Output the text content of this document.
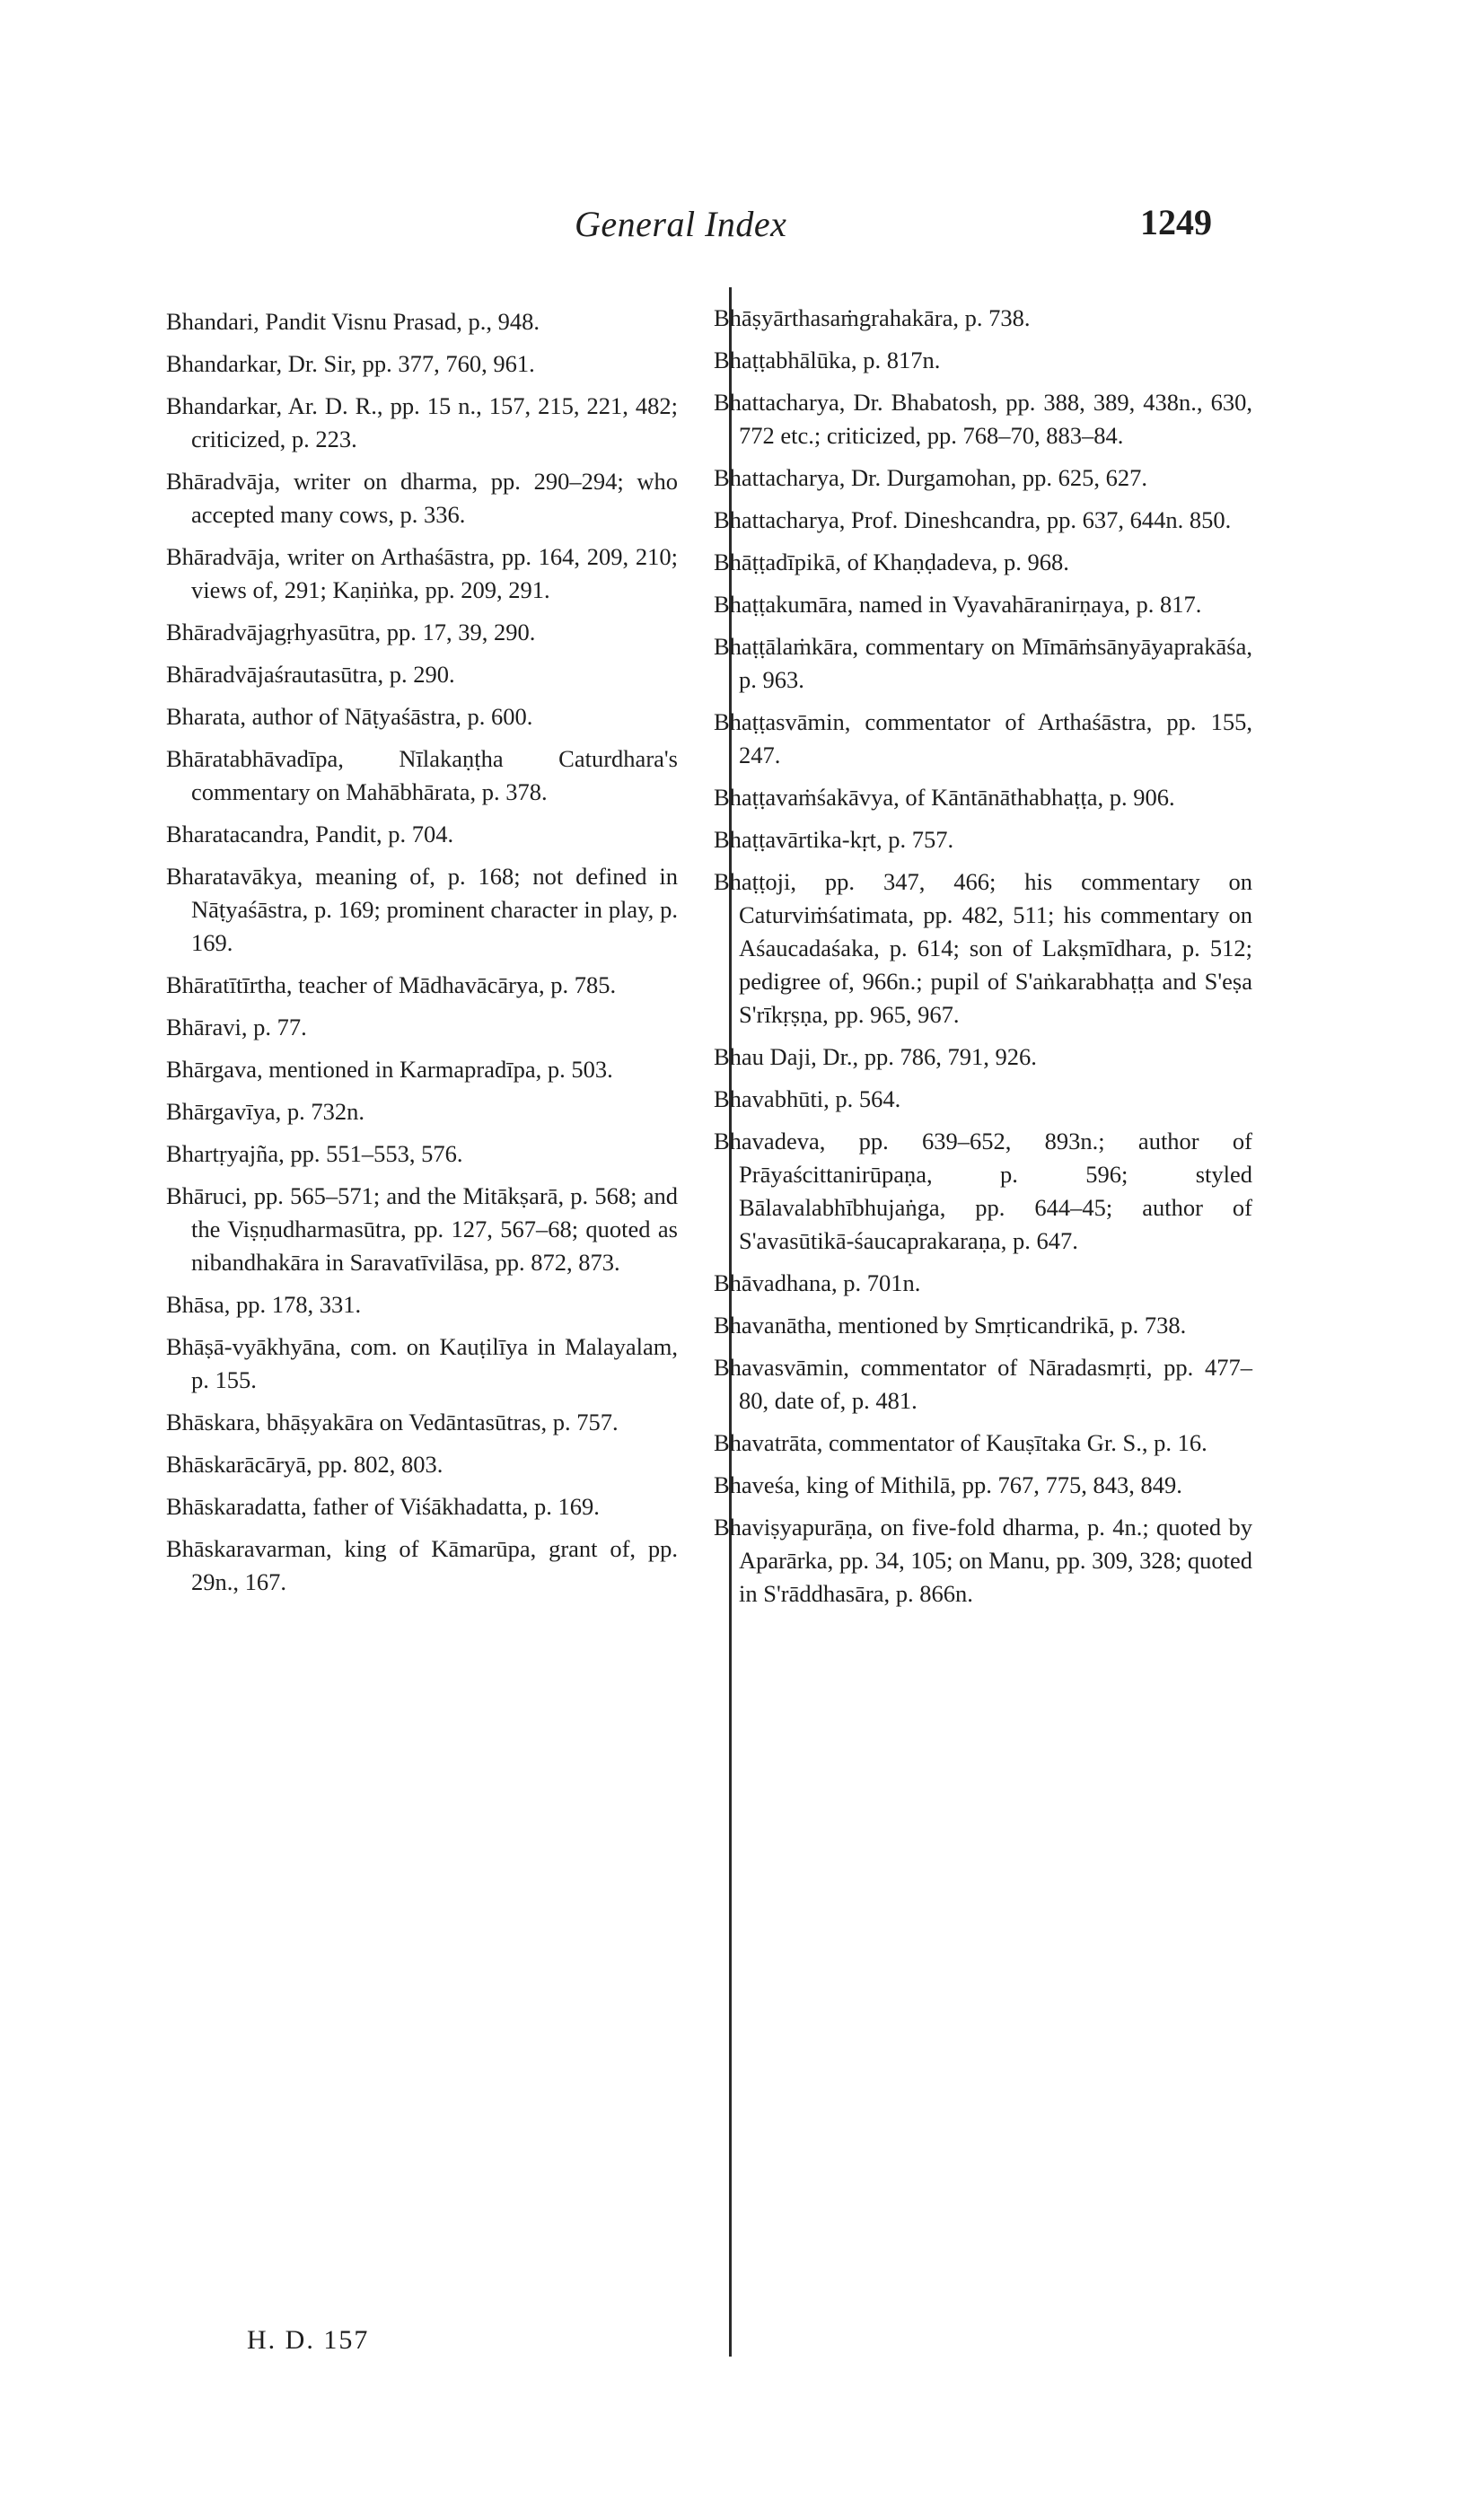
General Index	1249

Bhandari, Pandit Visnu Prasad, p., 948.

Bhandarkar, Dr. Sir, pp. 377, 760, 961.

Bhandarkar, Ar. D. R., pp. 15 n., 157, 215, 221, 482; criticized, p. 223.

Bhāradvāja, writer on dharma, pp. 290–294; who accepted many cows, p. 336.

Bhāradvāja, writer on Arthaśāstra, pp. 164, 209, 210; views of, 291; Kaṇiṅka, pp. 209, 291.

Bhāradvājagṛhyasūtra, pp. 17, 39, 290.

Bhāradvājaśrautasūtra, p. 290.

Bharata, author of Nāṭyaśāstra, p. 600.

Bhāratabhāvadīpa, Nīlakaṇṭha Caturdhara's commentary on Mahābhārata, p. 378.

Bharatacandra, Pandit, p. 704.

Bharatavākya, meaning of, p. 168; not defined in Nāṭyaśāstra, p. 169; prominent character in play, p. 169.

Bhāratītīrtha, teacher of Mādhavācārya, p. 785.

Bhāravi, p. 77.

Bhārgava, mentioned in Karmapradīpa, p. 503.

Bhārgavīya, p. 732n.

Bhartṛyajña, pp. 551–553, 576.

Bhāruci, pp. 565–571; and the Mitākṣarā, p. 568; and the Viṣṇudharmasūtra, pp. 127, 567–68; quoted as nibandhakāra in Saravatīvilāsa, pp. 872, 873.

Bhāsa, pp. 178, 331.

Bhāṣā-vyākhyāna, com. on Kauṭilīya in Malayalam, p. 155.

Bhāskara, bhāṣyakāra on Vedāntasūtras, p. 757.

Bhāskarācāryā, pp. 802, 803.

Bhāskaradatta, father of Viśākhadatta, p. 169.

Bhāskaravarman, king of Kāmarūpa, grant of, pp. 29n., 167.

Bhāṣyārthasaṁgrahakāra, p. 738.

Bhaṭṭabhālūka, p. 817n.

Bhattacharya, Dr. Bhabatosh, pp. 388, 389, 438n., 630, 772 etc.; criticized, pp. 768–70, 883–84.

Bhattacharya, Dr. Durgamohan, pp. 625, 627.

Bhattacharya, Prof. Dineshcandra, pp. 637, 644n. 850.

Bhāṭṭadīpikā, of Khaṇḍadeva, p. 968.

Bhaṭṭakumāra, named in Vyavahāranirṇaya, p. 817.

Bhaṭṭālaṁkāra, commentary on Mīmāṁsānyāyaprakāśa, p. 963.

Bhaṭṭasvāmin, commentator of Arthaśāstra, pp. 155, 247.

Bhaṭṭavaṁśakāvya, of Kāntānāthabhaṭṭa, p. 906.

Bhaṭṭavārtika-kṛt, p. 757.

Bhaṭṭoji, pp. 347, 466; his commentary on Caturviṁśatimata, pp. 482, 511; his commentary on Aśaucadaśaka, p. 614; son of Lakṣmīdhara, p. 512; pedigree of, 966n.; pupil of S'aṅkarabhaṭṭa and S'eṣa S'rīkṛṣṇa, pp. 965, 967.

Bhau Daji, Dr., pp. 786, 791, 926.

Bhavabhūti, p. 564.

Bhavadeva, pp. 639–652, 893n.; author of Prāyaścittanirūpaṇa, p. 596; styled Bālavalabhībhujaṅga, pp. 644–45; author of S'avasūtikā-śaucaprakaraṇa, p. 647.

Bhāvadhana, p. 701n.

Bhavanātha, mentioned by Smṛticandrikā, p. 738.

Bhavasvāmin, commentator of Nāradasmṛti, pp. 477–80, date of, p. 481.

Bhavatrāta, commentator of Kauṣītaka Gr. S., p. 16.

Bhaveśa, king of Mithilā, pp. 767, 775, 843, 849.

Bhaviṣyapurāṇa, on five-fold dharma, p. 4n.; quoted by Aparārka, pp. 34, 105; on Manu, pp. 309, 328; quoted in S'rāddhasāra, p. 866n.

H. D. 157
